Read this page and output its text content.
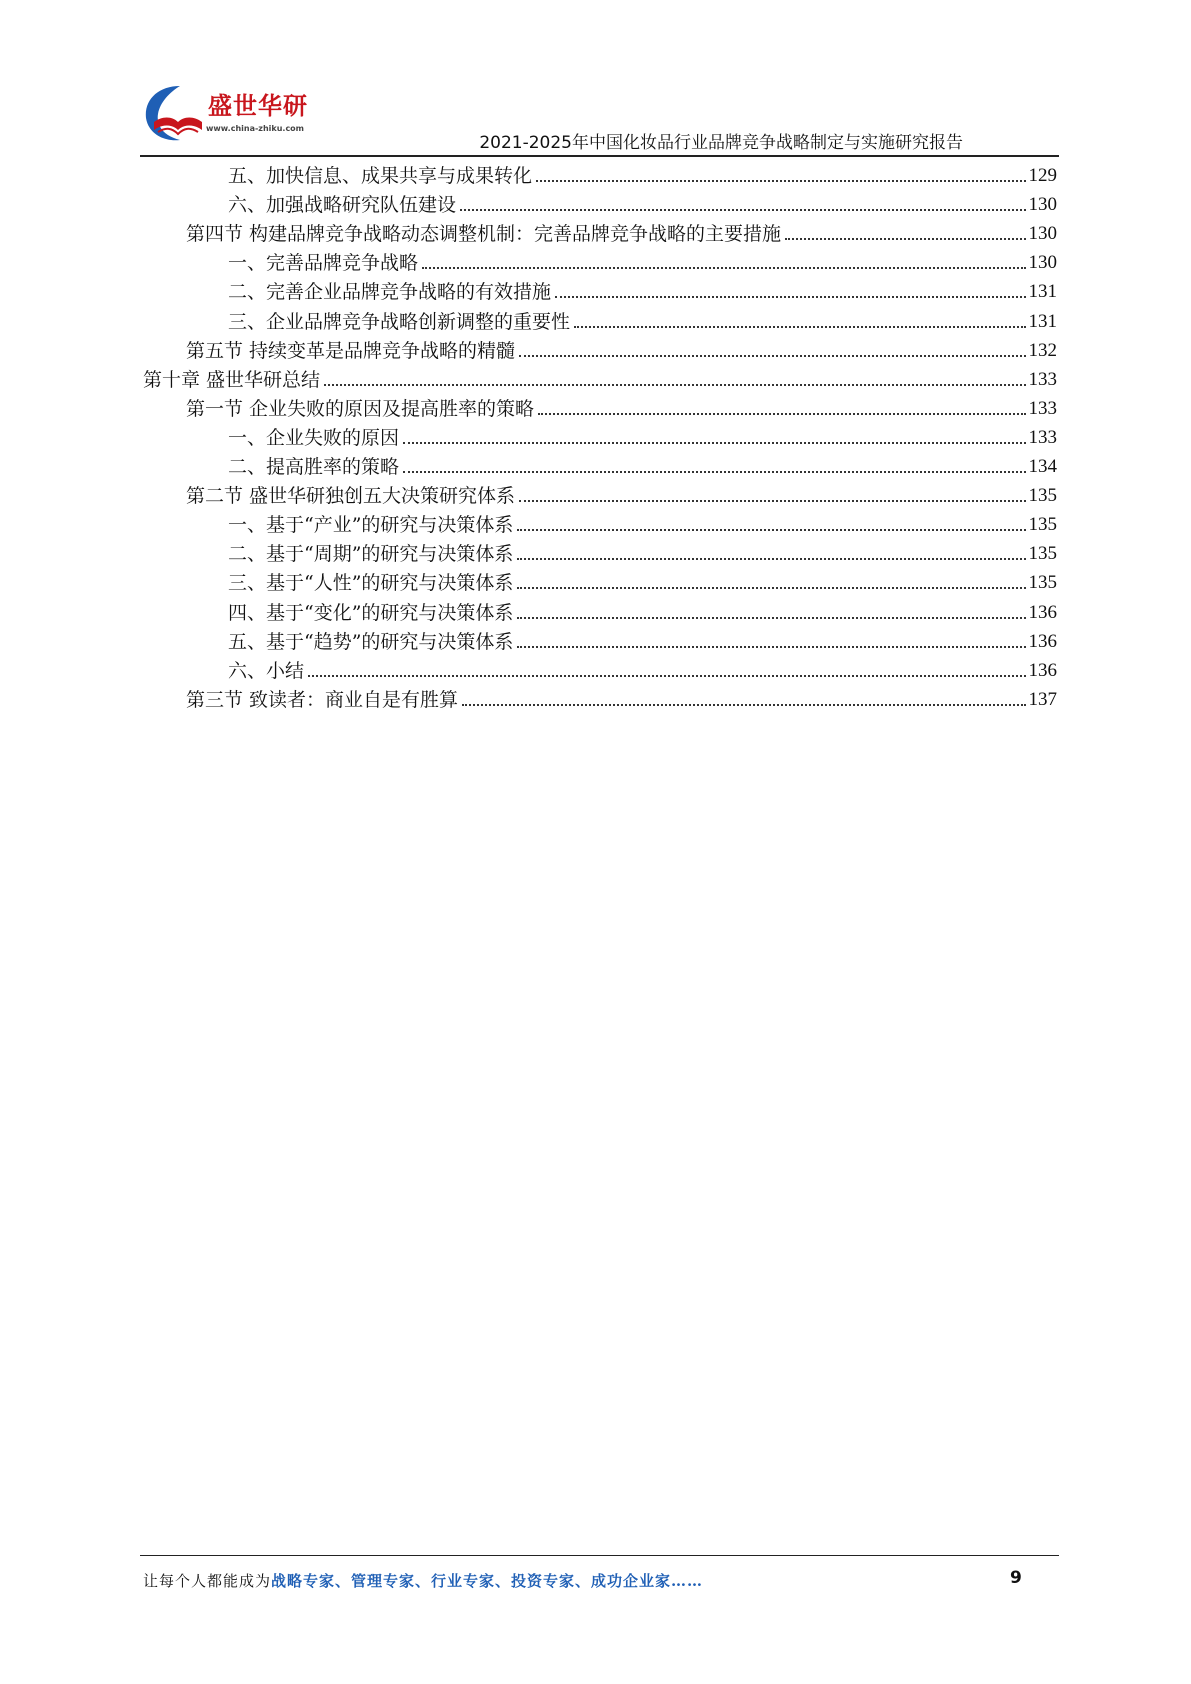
盛世华研
www.china-zhiku.com
2021-2025年中国化妆品行业品牌竞争战略制定与实施研究报告
五、加快信息、成果共享与成果转化	129
六、加强战略研究队伍建设	130
第四节 构建品牌竞争战略动态调整机制：完善品牌竞争战略的主要措施	130
一、完善品牌竞争战略	130
二、完善企业品牌竞争战略的有效措施	131
三、企业品牌竞争战略创新调整的重要性	131
第五节 持续变革是品牌竞争战略的精髓	132
第十章 盛世华研总结	133
第一节 企业失败的原因及提高胜率的策略	133
一、企业失败的原因	133
二、提高胜率的策略	134
第二节 盛世华研独创五大决策研究体系	135
一、基于“产业”的研究与决策体系	135
二、基于“周期”的研究与决策体系	135
三、基于“人性”的研究与决策体系	135
四、基于“变化”的研究与决策体系	136
五、基于“趋势”的研究与决策体系	136
六、小结	136
第三节 致读者：商业自是有胜算	137
让每个人都能成为战略专家、管理专家、行业专家、投资专家、成功企业家……	9
